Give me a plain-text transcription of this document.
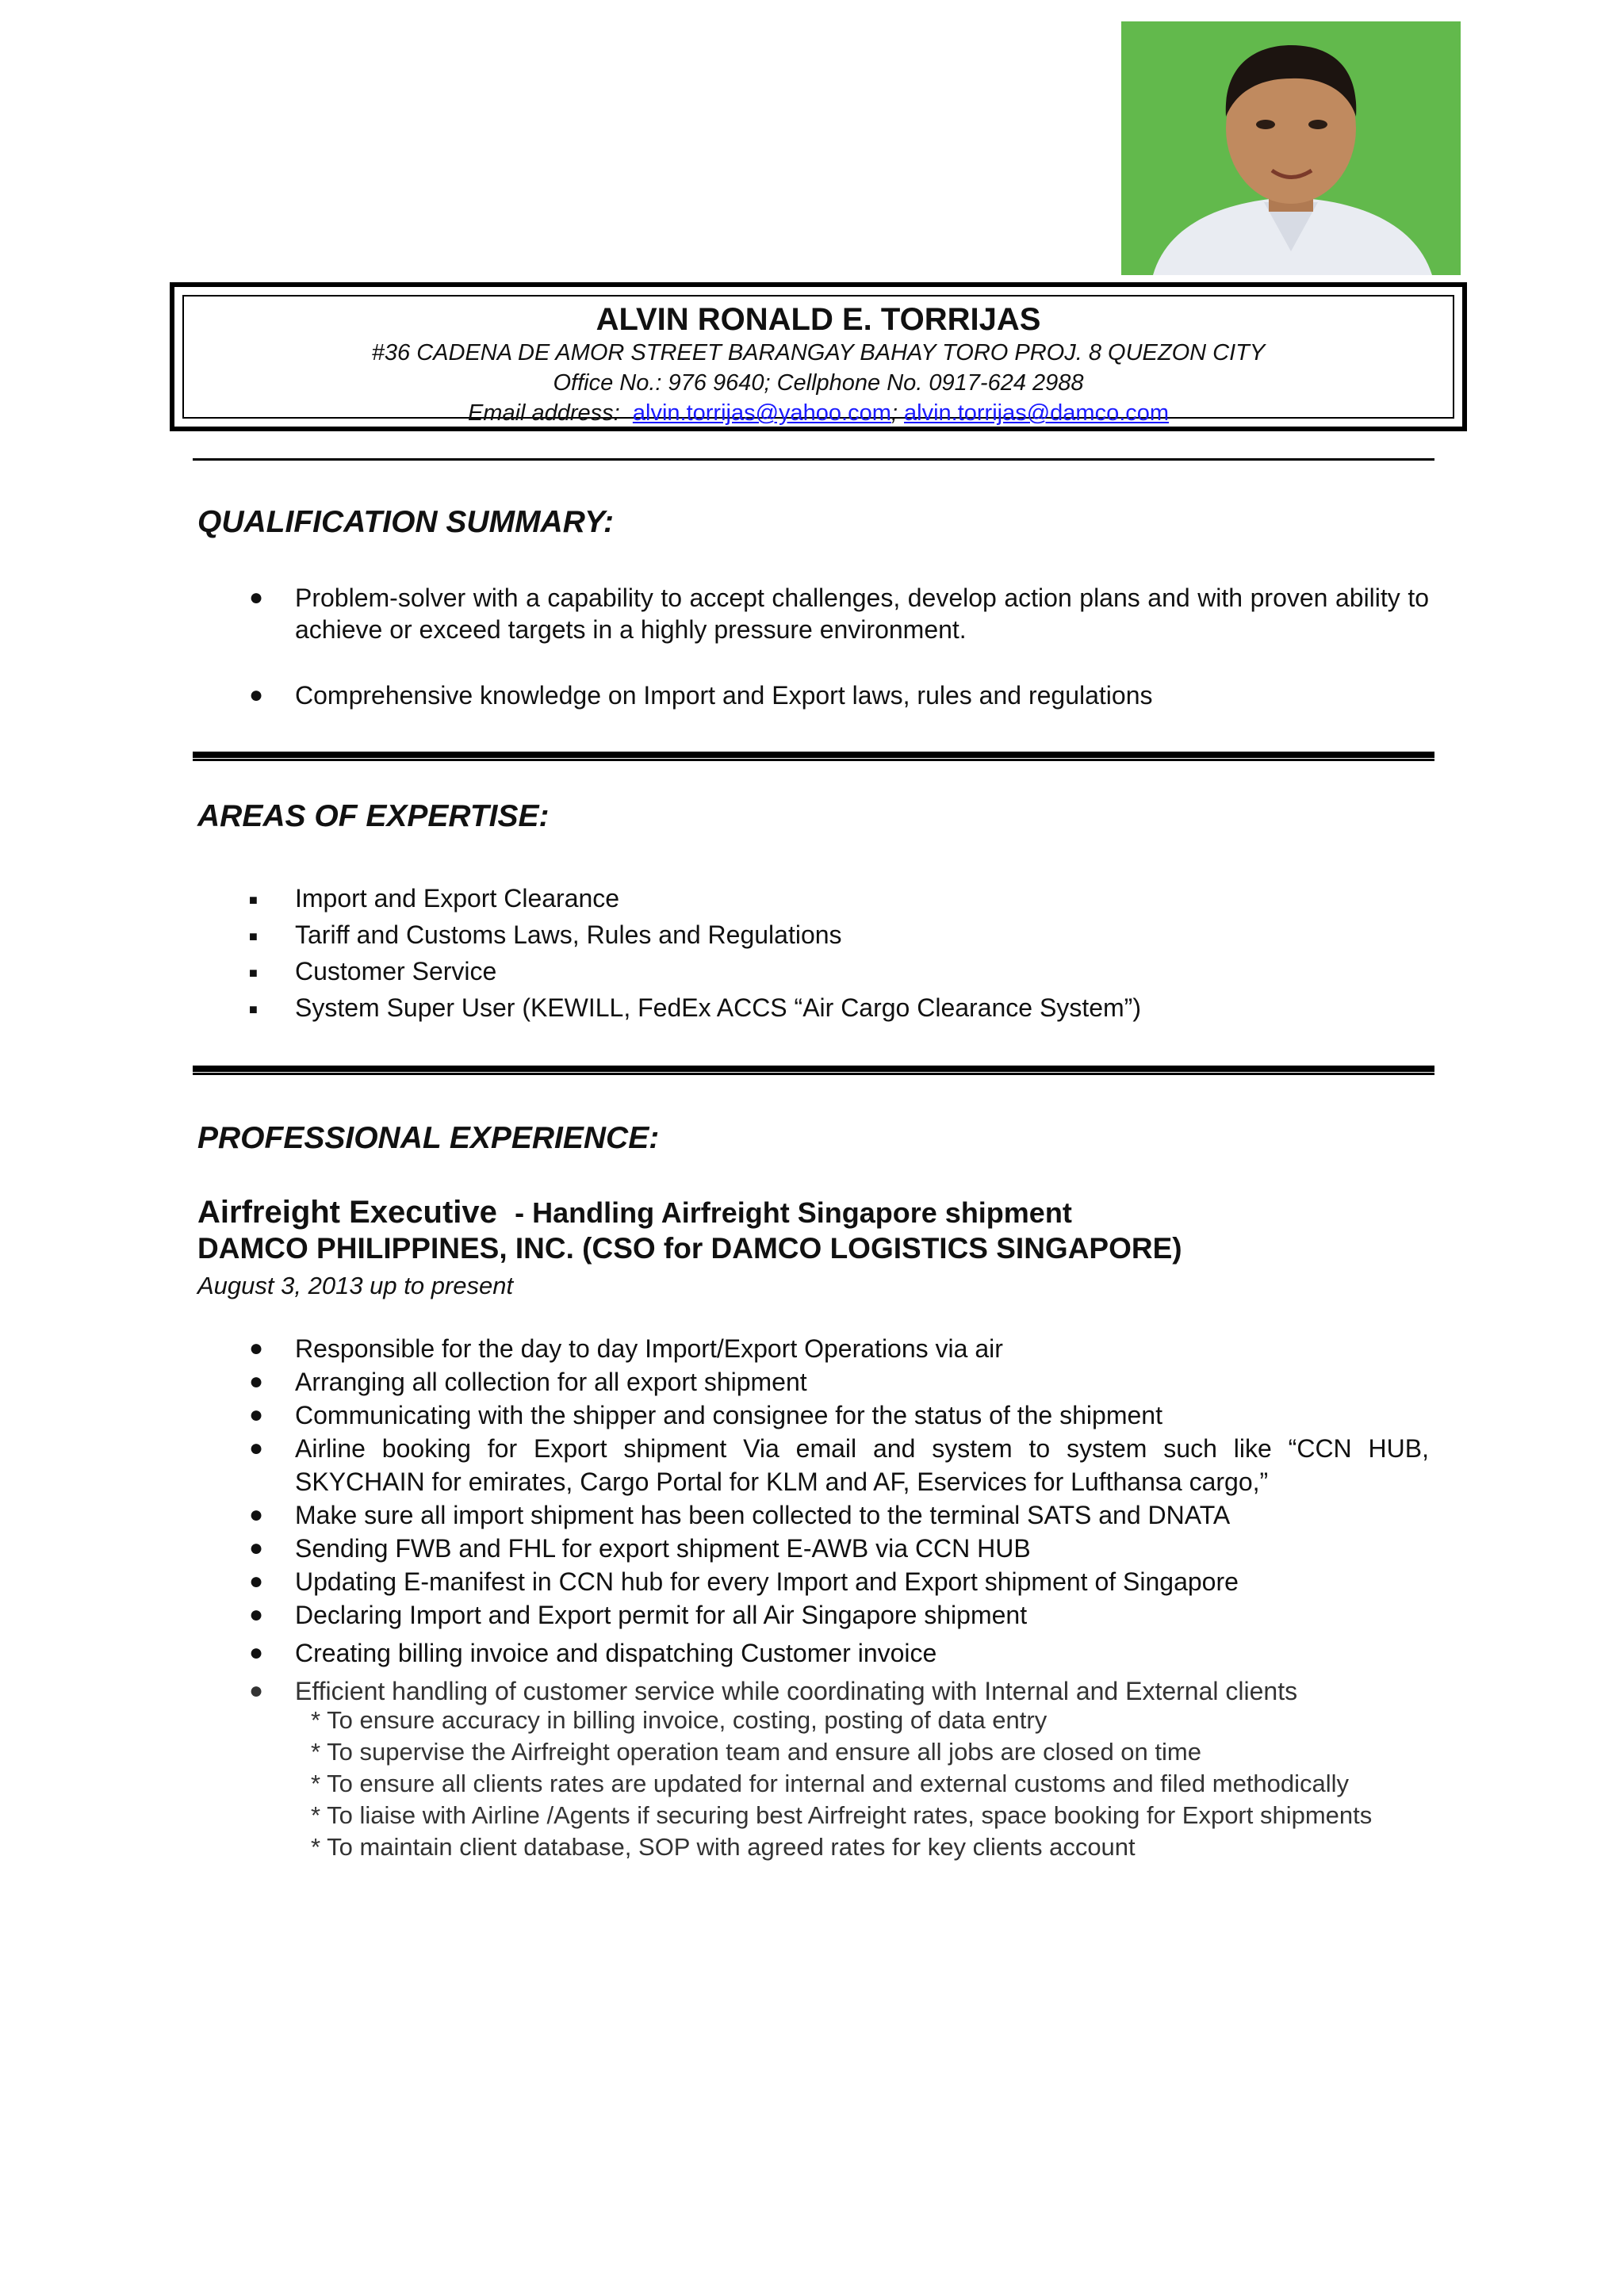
ALVIN RONALD E. TORRIJAS
#36 CADENA DE AMOR STREET BARANGAY BAHAY TORO PROJ. 8 QUEZON CITY
Office No.: 976 9640; Cellphone No. 0917-624 2988
Email address: alvin.torrijas@yahoo.com; alvin.torrijas@damco.com
QUALIFICATION SUMMARY:
● Problem-solver with a capability to accept challenges, develop action plans and with proven ability to achieve or exceed targets in a highly pressure environment.
● Comprehensive knowledge on Import and Export laws, rules and regulations
AREAS OF EXPERTISE:
■ Import and Export Clearance
■ Tariff and Customs Laws, Rules and Regulations
■ Customer Service
■ System Super User (KEWILL, FedEx ACCS “Air Cargo Clearance System”)
PROFESSIONAL EXPERIENCE:
Airfreight Executive - Handling Airfreight Singapore shipment
DAMCO PHILIPPINES, INC. (CSO for DAMCO LOGISTICS SINGAPORE)
August 3, 2013 up to present
● Responsible for the day to day Import/Export Operations via air
● Arranging all collection for all export shipment
● Communicating with the shipper and consignee for the status of the shipment
● Airline booking for Export shipment Via email and system to system such like “CCN HUB, SKYCHAIN for emirates, Cargo Portal for KLM and AF, Eservices for Lufthansa cargo,”
● Make sure all import shipment has been collected to the terminal SATS and DNATA
● Sending FWB and FHL for export shipment E-AWB via CCN HUB
● Updating E-manifest in CCN hub for every Import and Export shipment of Singapore
● Declaring Import and Export permit for all Air Singapore shipment
● Creating billing invoice and dispatching Customer invoice
● Efficient handling of customer service while coordinating with Internal and External clients
* To ensure accuracy in billing invoice, costing, posting of data entry
* To supervise the Airfreight operation team and ensure all jobs are closed on time
* To ensure all clients rates are updated for internal and external customs and filed methodically
* To liaise with Airline /Agents if securing best Airfreight rates, space booking for Export shipments
* To maintain client database, SOP with agreed rates for key clients account
